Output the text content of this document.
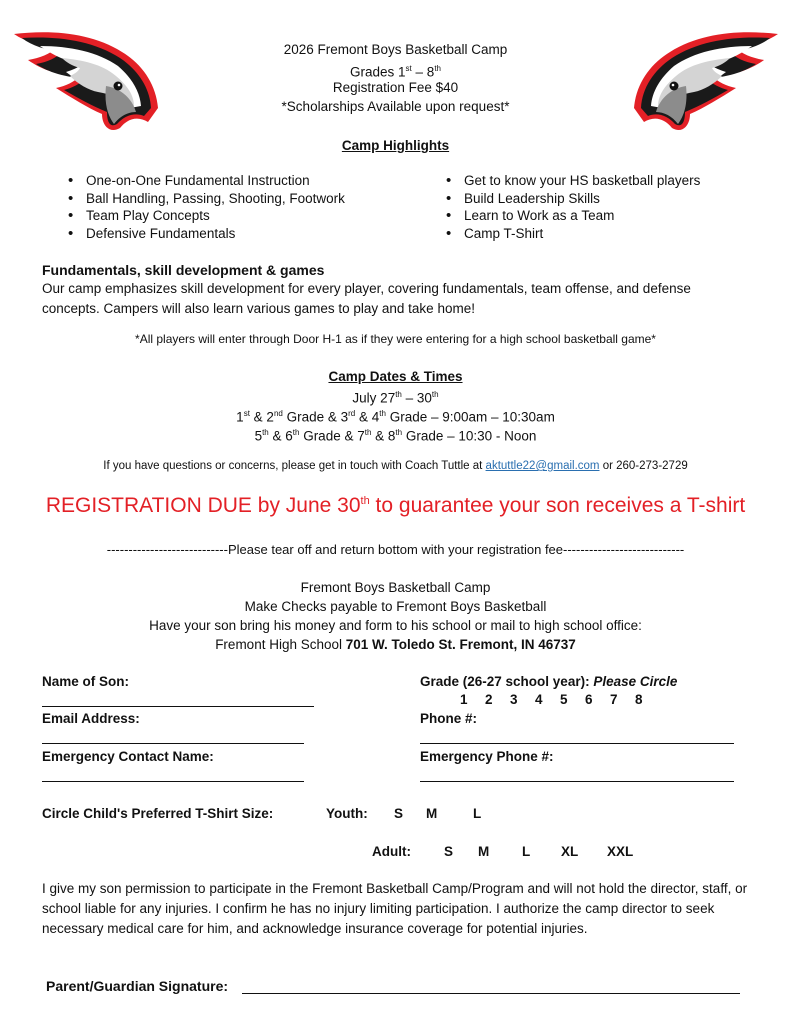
2026 Fremont Boys Basketball Camp
Grades 1st – 8th
Registration Fee $40
*Scholarships Available upon request*
Camp Highlights
• One-on-One Fundamental Instruction
• Ball Handling, Passing, Shooting, Footwork
• Team Play Concepts
• Defensive Fundamentals
• Get to know your HS basketball players
• Build Leadership Skills
• Learn to Work as a Team
• Camp T-Shirt
Fundamentals, skill development & games
Our camp emphasizes skill development for every player, covering fundamentals, team offense, and defense concepts. Campers will also learn various games to play and take home!
*All players will enter through Door H-1 as if they were entering for a high school basketball game*
Camp Dates & Times
July 27th – 30th
1st & 2nd Grade & 3rd & 4th Grade – 9:00am – 10:30am
5th & 6th Grade & 7th & 8th Grade – 10:30 - Noon
If you have questions or concerns, please get in touch with Coach Tuttle at aktuttle22@gmail.com or 260-273-2729
REGISTRATION DUE by June 30th to guarantee your son receives a T-shirt
----------------------------Please tear off and return bottom with your registration fee----------------------------
Fremont Boys Basketball Camp
Make Checks payable to Fremont Boys Basketball
Have your son bring his money and form to his school or mail to high school office:
Fremont High School 701 W. Toledo St. Fremont, IN 46737
Name of Son:	Grade (26-27 school year): Please Circle
1	2	3	4	5	6	7	8
Email Address:	Phone #:
Emergency Contact Name:	Emergency Phone #:
Circle Child's Preferred T-Shirt Size:	Youth: S M	L
Adult: S M L XL XXL
I give my son permission to participate in the Fremont Basketball Camp/Program and will not hold the director, staff, or school liable for any injuries. I confirm he has no injury limiting participation. I authorize the camp director to seek necessary medical care for him, and acknowledge insurance coverage for potential injuries.
Parent/Guardian Signature:
